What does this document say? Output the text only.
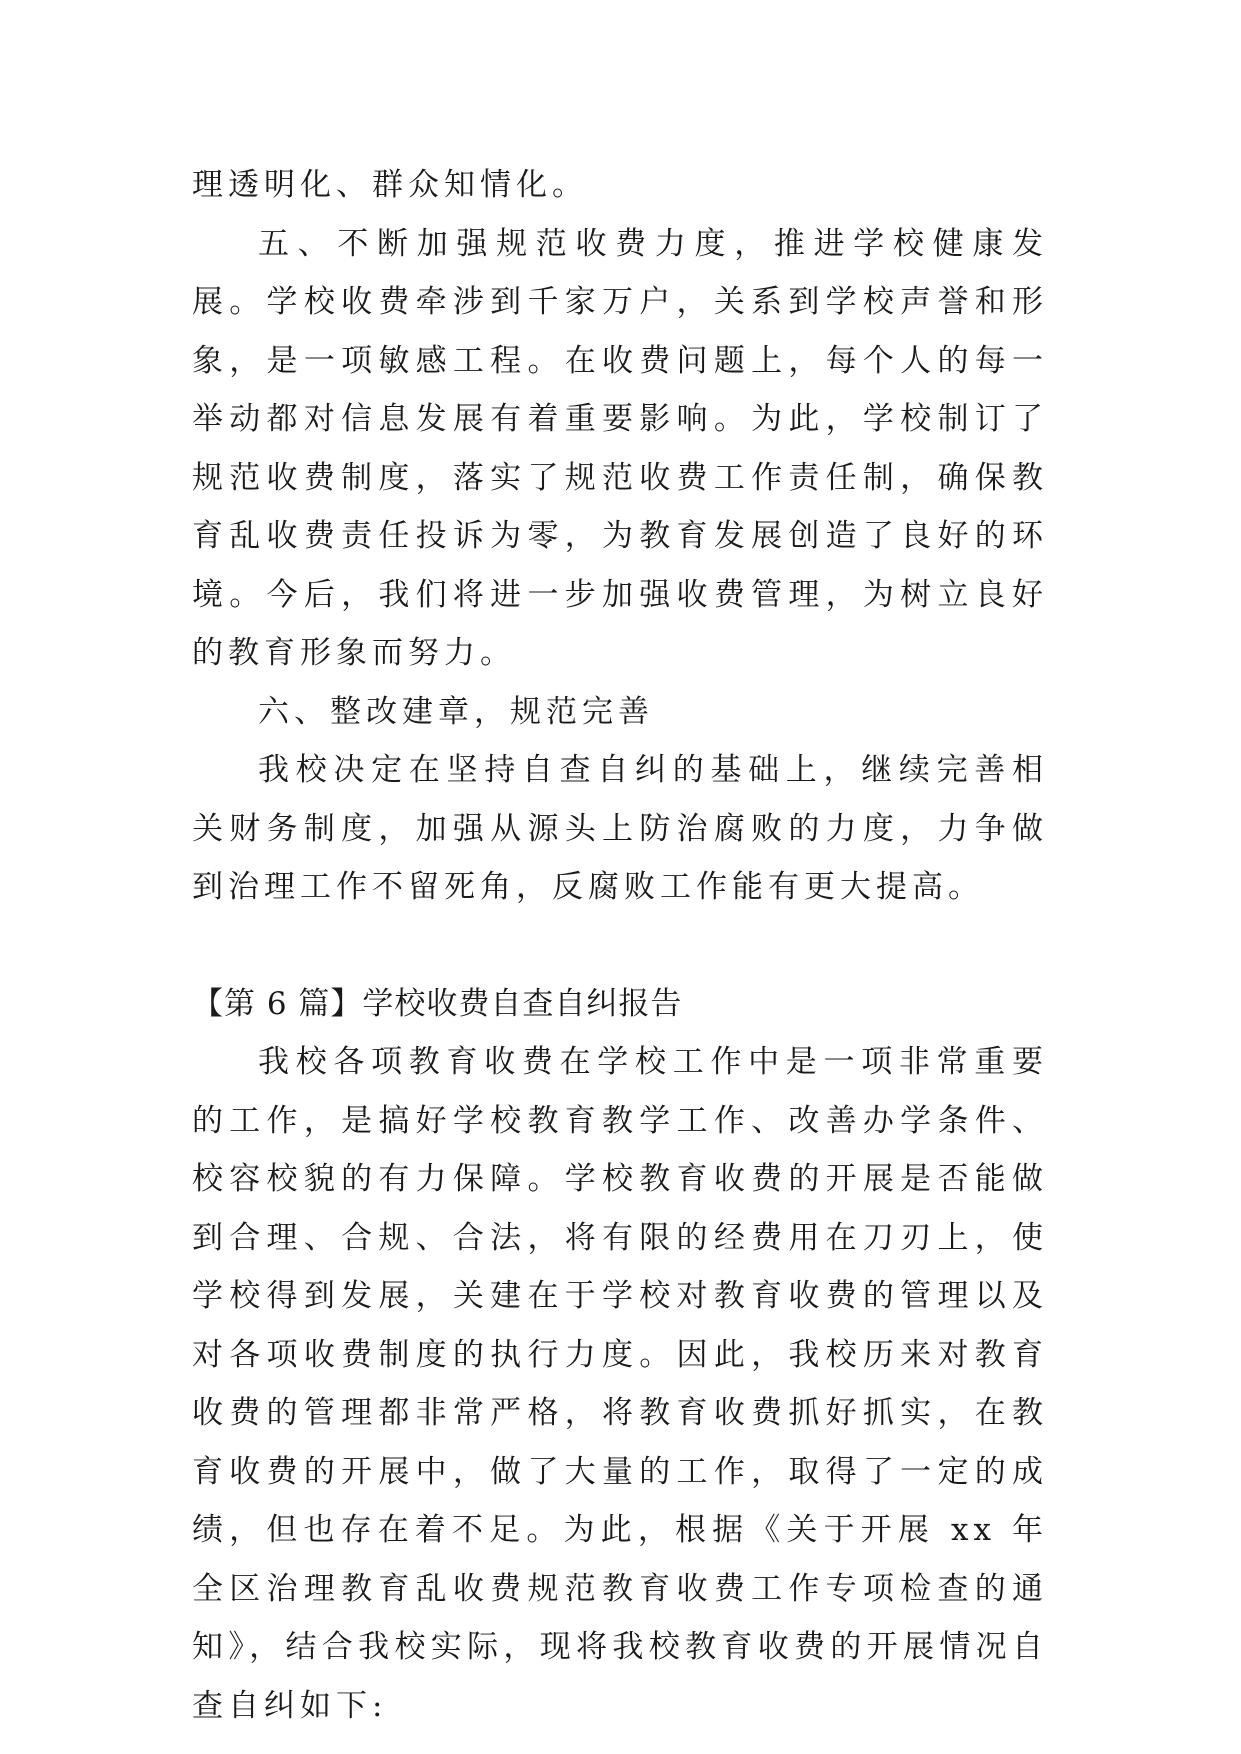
理透明化、群众知情化。

五、不断加强规范收费力度，推进学校健康发展。学校收费牵涉到千家万户，关系到学校声誉和形象，是一项敏感工程。在收费问题上，每个人的每一举动都对信息发展有着重要影响。为此，学校制订了规范收费制度，落实了规范收费工作责任制，确保教育乱收费责任投诉为零，为教育发展创造了良好的环境。今后，我们将进一步加强收费管理，为树立良好的教育形象而努力。

六、整改建章，规范完善

我校决定在坚持自查自纠的基础上，继续完善相关财务制度，加强从源头上防治腐败的力度，力争做到治理工作不留死角，反腐败工作能有更大提高。

【第 6 篇】学校收费自查自纠报告

我校各项教育收费在学校工作中是一项非常重要的工作，是搞好学校教育教学工作、改善办学条件、校容校貌的有力保障。学校教育收费的开展是否能做到合理、合规、合法，将有限的经费用在刀刃上，使学校得到发展，关建在于学校对教育收费的管理以及对各项收费制度的执行力度。因此，我校历来对教育收费的管理都非常严格，将教育收费抓好抓实，在教育收费的开展中，做了大量的工作，取得了一定的成绩，但也存在着不足。为此，根据《关于开展 xx 年全区治理教育乱收费规范教育收费工作专项检查的通知》，结合我校实际，现将我校教育收费的开展情况自查自纠如下:
